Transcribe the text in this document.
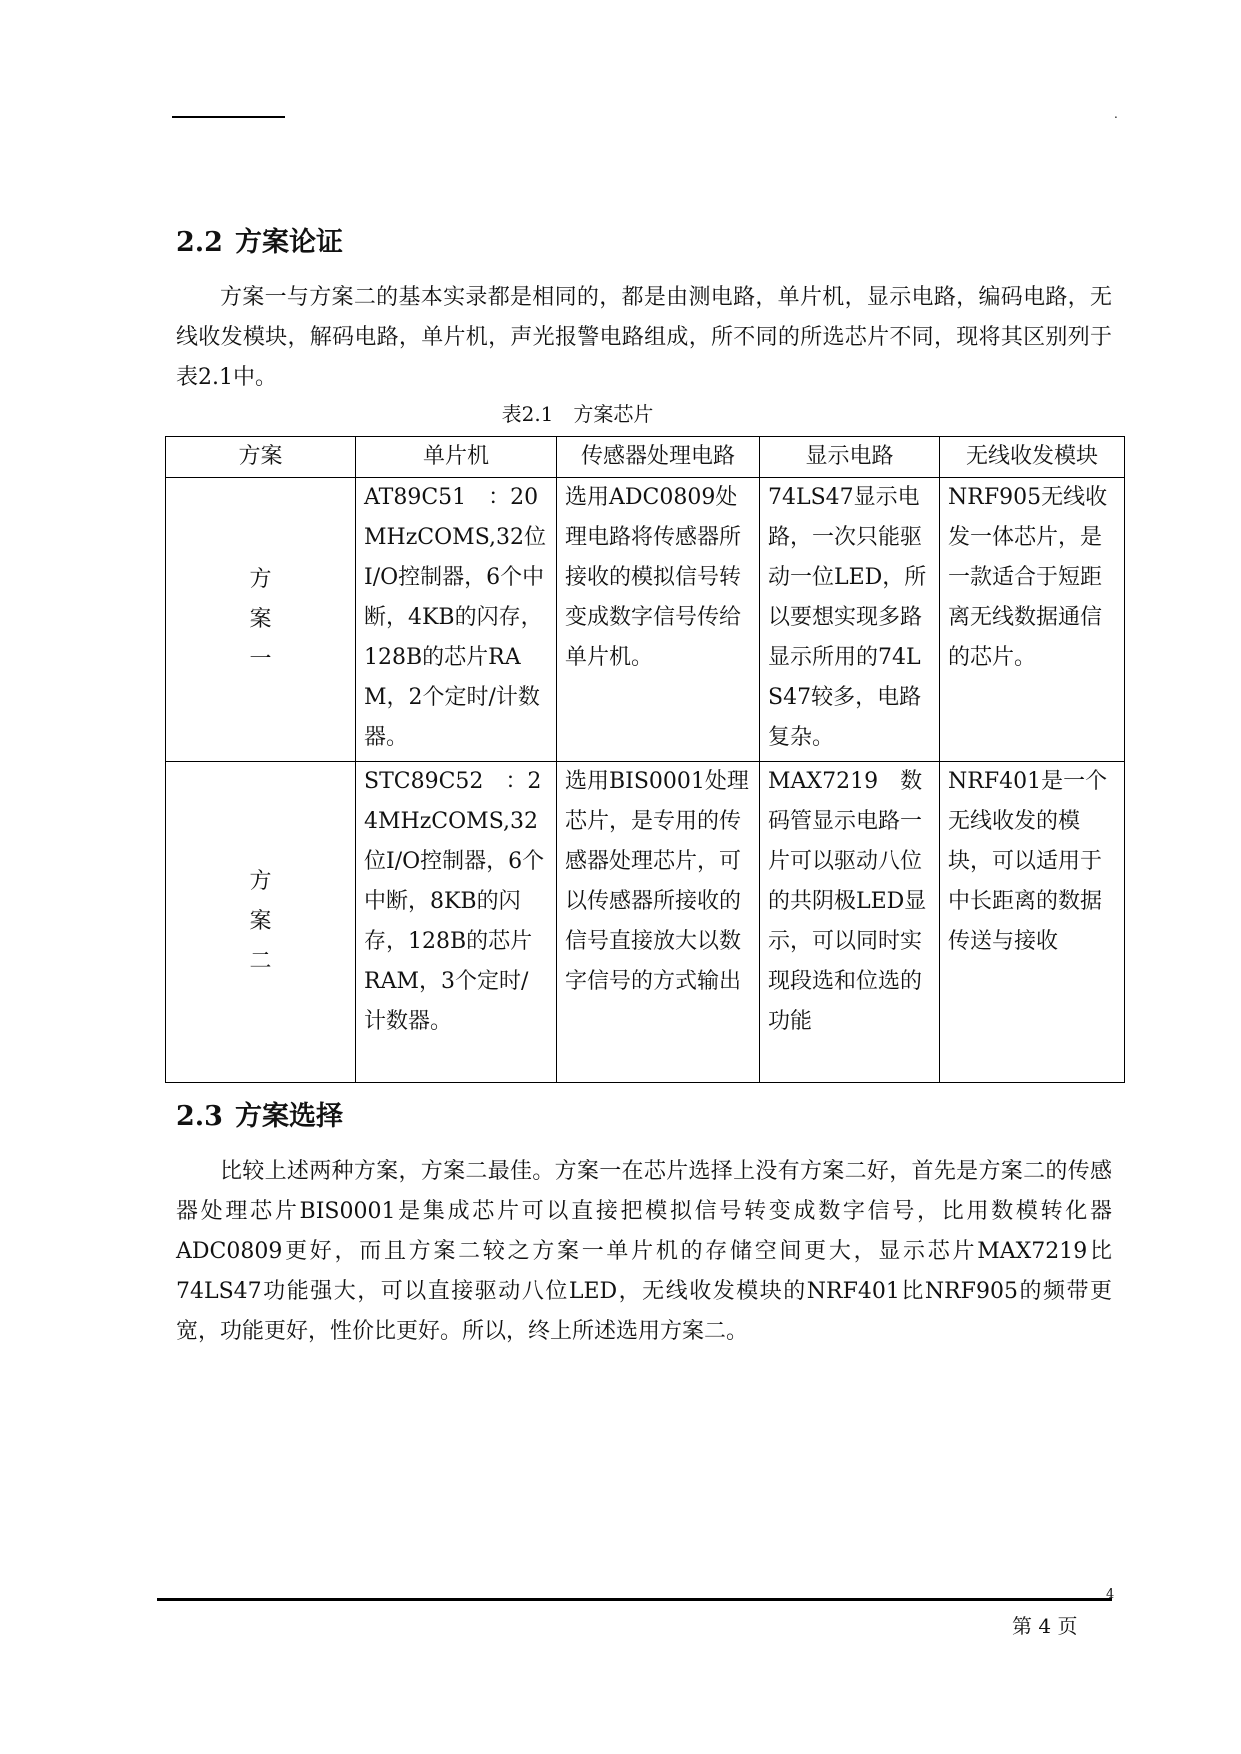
.
2.2 方案论证

方案一与方案二的基本实录都是相同的，都是由测电路，单片机，显示电路，编码电路，无线收发模块，解码电路，单片机，声光报警电路组成，所不同的所选芯片不同，现将其区别列于表2.1中。

表2.1 方案芯片
方案	单片机	传感器处理电路	显示电路	无线收发模块

方
案
一	AT89C51　：20MHzCOMS,32位I/O控制器，6个中断，4KB的闪存，128B的芯片RAM，2个定时/计数器。	选用ADC0809处理电路将传感器所接收的模拟信号转变成数字信号传给单片机。	74LS47显示电路，一次只能驱动一位LED，所以要想实现多路显示所用的74LS47较多，电路复杂。	NRF905无线收发一体芯片，是一款适合于短距离无线数据通信的芯片。

方
案
二	STC89C52　：24MHzCOMS,32位I/O控制器，6个中断，8KB的闪存，128B的芯片RAM，3个定时/计数器。	选用BIS0001处理芯片，是专用的传感器处理芯片，可以传感器所接收的信号直接放大以数字信号的方式输出	MAX7219　数码管显示电路一片可以驱动八位的共阴极LED显示，可以同时实现段选和位选的功能	NRF401是一个无线收发的模块，可以适用于中长距离的数据传送与接收
2.3 方案选择

比较上述两种方案，方案二最佳。方案一在芯片选择上没有方案二好，首先是方案二的传感器处理芯片BIS0001是集成芯片可以直接把模拟信号转变成数字信号，比用数模转化器ADC0809更好，而且方案二较之方案一单片机的存储空间更大，显示芯片MAX7219比74LS47功能强大，可以直接驱动八位LED，无线收发模块的NRF401比NRF905的频带更宽，功能更好，性价比更好。所以，终上所述选用方案二。

4
第 4 页
